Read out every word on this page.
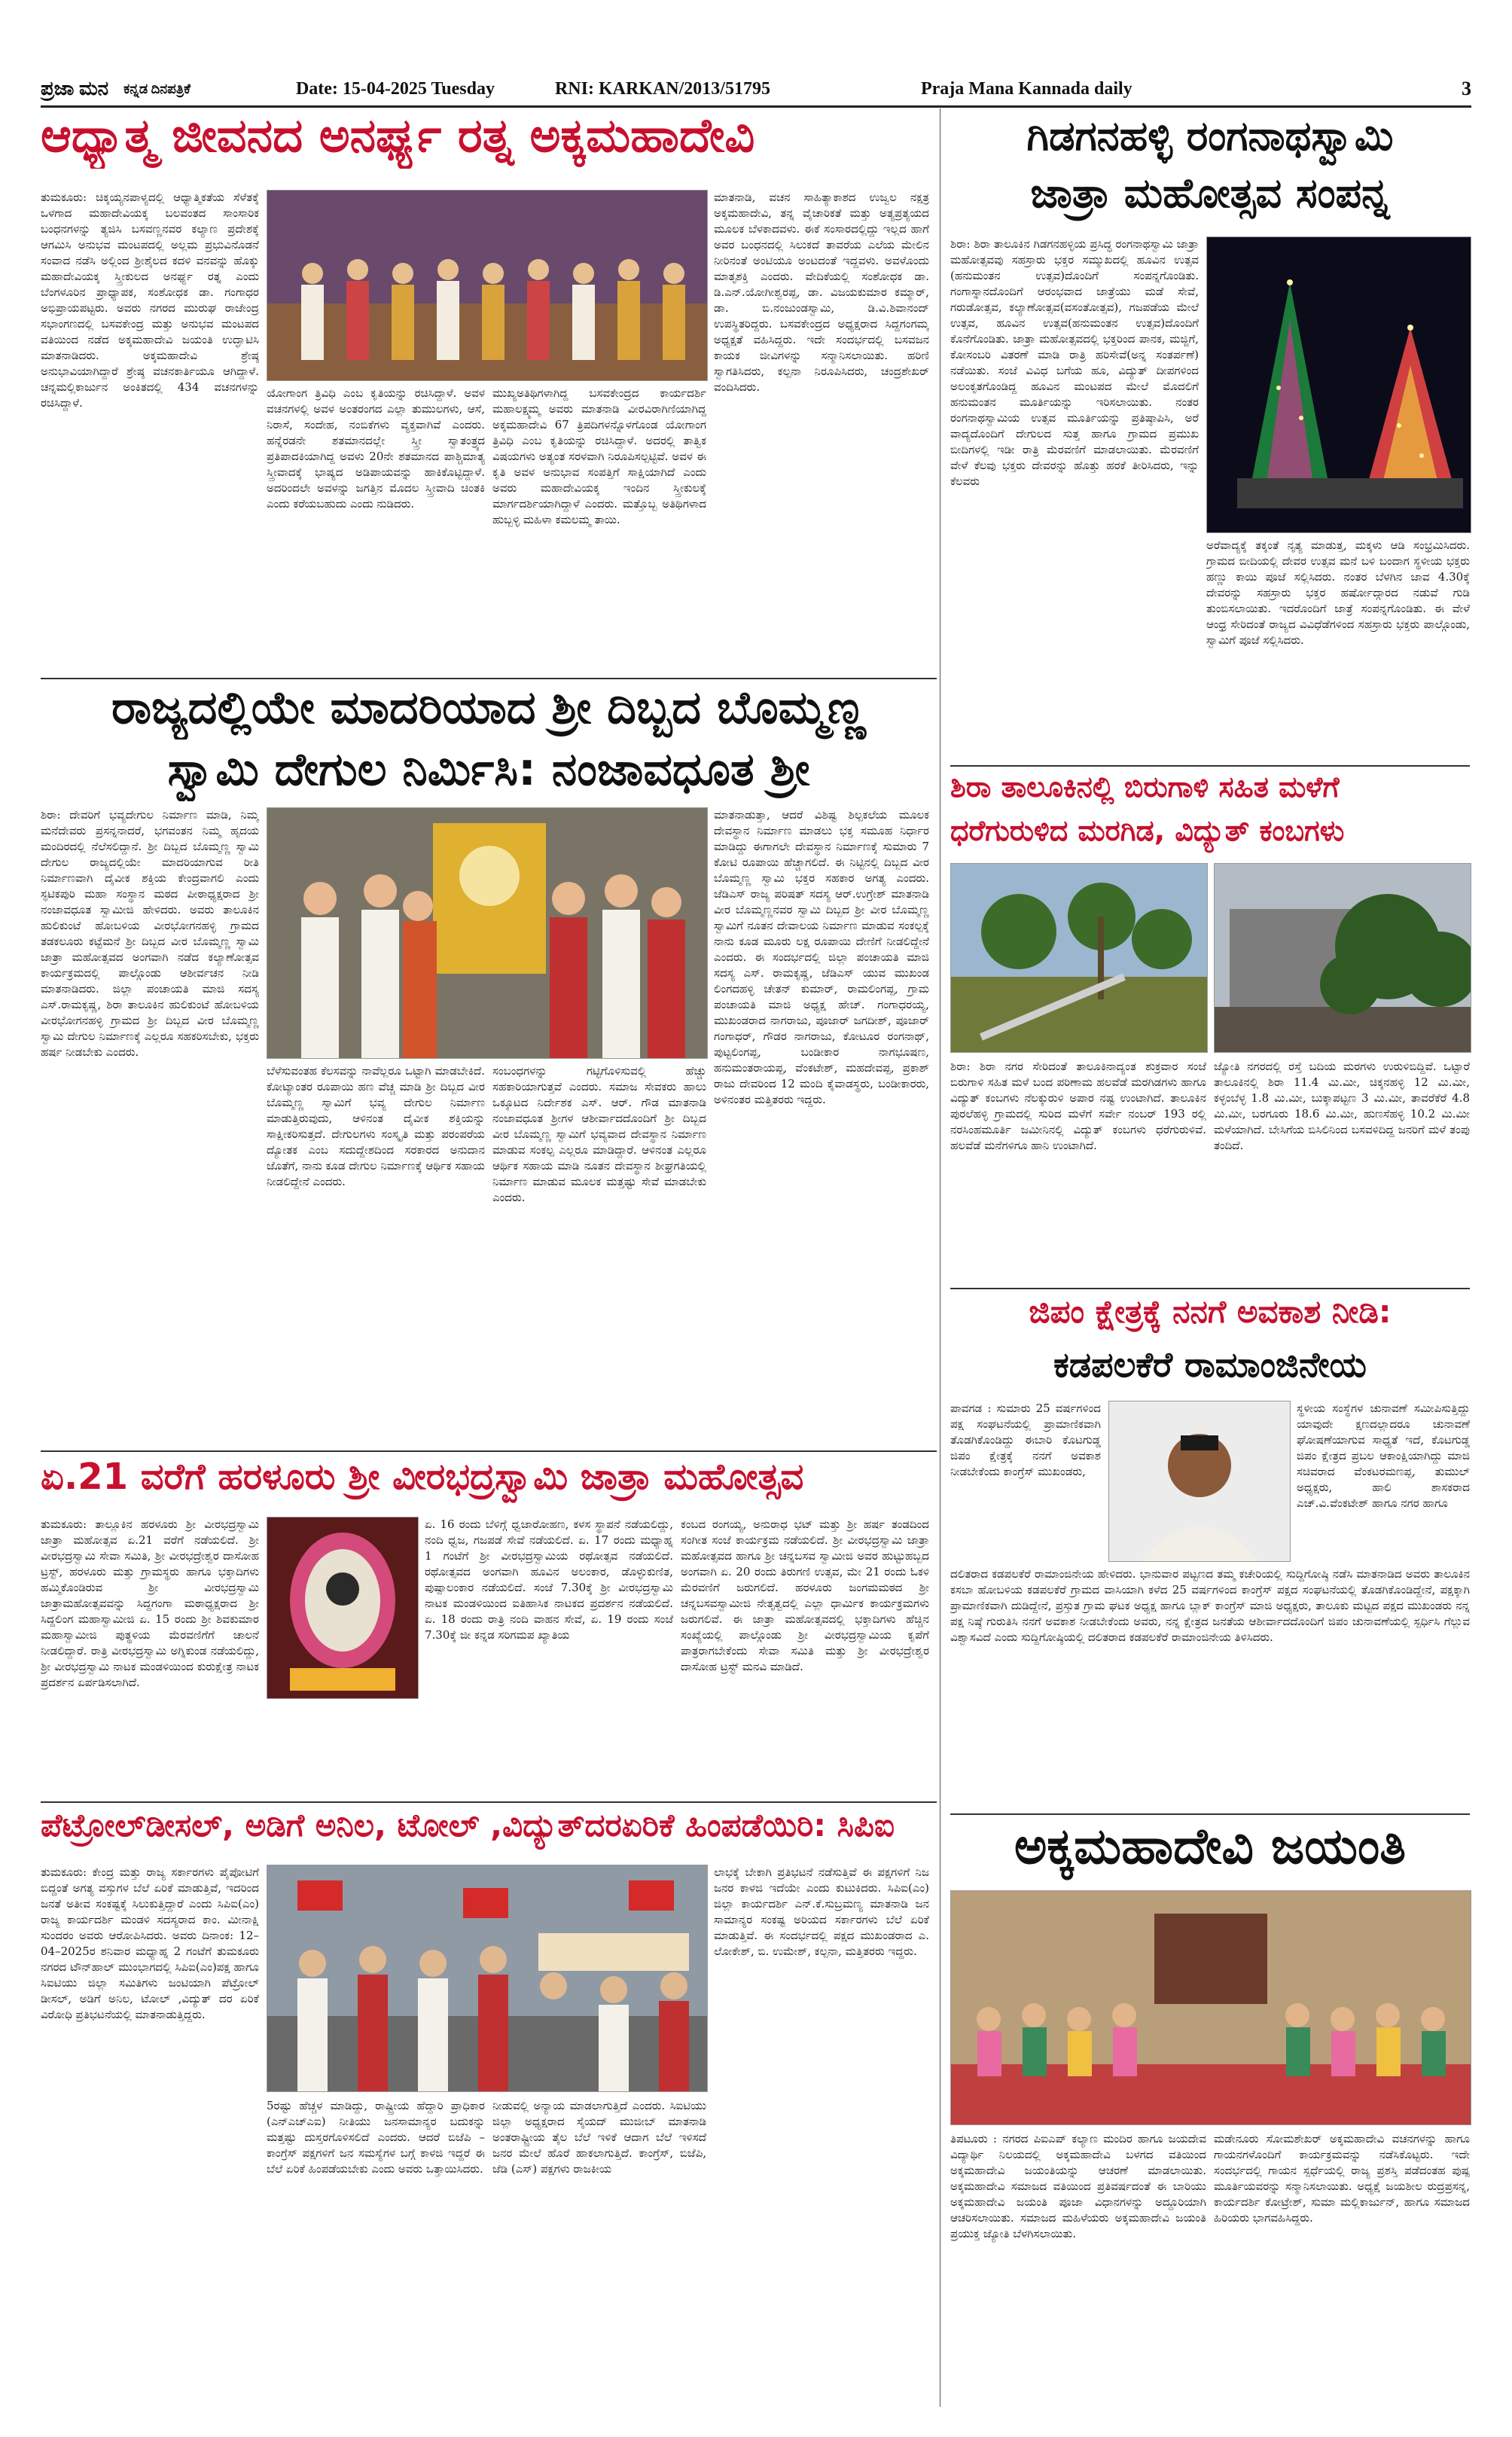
ಪ್ರಜಾ ಮನ ಕನ್ನಡ ದಿನಪತ್ರಿಕೆ	Date: 15-04-2025 Tuesday	RNI: KARKAN/2013/51795	Praja Mana Kannada daily	3
ಆಧ್ಯಾತ್ಮ ಜೀವನದ ಅನರ್ಘ್ಯ ರತ್ನ ಅಕ್ಕಮಹಾದೇವಿ
ತುಮಕೂರು: ಚಿಕ್ಕಯ್ಯನಪಾಳ್ಯದಲ್ಲಿ ಆಧ್ಯಾತ್ಮಿಕತೆಯ ಸೆಳೆತಕ್ಕೆ ಒಳಗಾದ ಮಹಾದೇವಿಯಕ್ಕ ಬಲವಂತದ ಸಾಂಸಾರಿಕ ಬಂಧನಗಳನ್ನು ತ್ಯಜಿಸಿ ಬಸವಣ್ಣನವರ ಕಲ್ಯಾಣ ಪ್ರದೇಶಕ್ಕೆ ಆಗಮಿಸಿ ಅನುಭವ ಮಂಟಪದಲ್ಲಿ ಅಲ್ಲಮ ಪ್ರಭುವಿನೊಡನೆ ಸಂವಾದ ನಡೆಸಿ ಅಲ್ಲಿಂದ ಶ್ರೀಶೈಲದ ಕದಳಿ ವನವನ್ನು ಹೊಕ್ಕು ಮಹಾದೇವಿಯಕ್ಕ ಸ್ತ್ರೀಕುಲದ ಅನರ್ಘ್ಯ ರತ್ನ ಎಂದು ಬೆಂಗಳೂರಿನ ಪ್ರಾಧ್ಯಾಪಕ, ಸಂಶೋಧಕ ಡಾ. ಗಂಗಾಧರ ಅಭಿಪ್ರಾಯಪಟ್ಟರು. ಅವರು ನಗರದ ಮುರುಘ ರಾಜೇಂದ್ರ ಸಭಾಂಗಣದಲ್ಲಿ ಬಸವಕೇಂದ್ರ ಮತ್ತು ಅನುಭವ ಮಂಟಪದ ವತಿಯಿಂದ ನಡೆದ ಅಕ್ಕಮಹಾದೇವಿ ಜಯಂತಿ ಉದ್ಘಾಟಿಸಿ ಮಾತನಾಡಿದರು. ಅಕ್ಕಮಹಾದೇವಿ ಶ್ರೇಷ್ಠ ಅನುಭಾವಿಯಾಗಿದ್ದಾರೆ ಶ್ರೇಷ್ಠ ವಚನಕಾರ್ತಿಯೂ ಆಗಿದ್ದಾಳೆ. ಚನ್ನಮಲ್ಲಿಕಾರ್ಜುನ ಅಂಕಿತದಲ್ಲಿ 434 ವಚನಗಳನ್ನು ರಚಿಸಿದ್ದಾಳೆ.
ಯೋಗಾಂಗ ತ್ರಿವಿಧಿ ಎಂಬ ಕೃತಿಯನ್ನು ರಚಿಸಿದ್ದಾಳೆ. ಅವಳ ವಚನಗಳಲ್ಲಿ ಅವಳ ಅಂತರಂಗದ ಎಲ್ಲಾ ತುಮುಲಗಳು, ಆಸೆ, ನಿರಾಸೆ, ಸಂದೇಹ, ನಂಬಿಕೆಗಳು ವ್ಯಕ್ತವಾಗಿವೆ ಎಂದರು. ಹನ್ನೆರಡನೇ ಶತಮಾನದಲ್ಲೇ ಸ್ತ್ರೀ ಸ್ವಾತಂತ್ರ್ಯದ ಪ್ರತಿಪಾದಕಿಯಾಗಿದ್ದ ಅವಳು 20ನೇ ಶತಮಾನದ ಪಾಶ್ಚಿಮಾತ್ಯ ಸ್ತ್ರೀವಾದಕ್ಕೆ ಭಾಷ್ಯದ ಅಡಿಪಾಯವನ್ನು ಹಾಕಿಕೊಟ್ಟಿದ್ದಾಳೆ. ಅದರಿಂದಲೇ ಅವಳನ್ನು ಜಗತ್ತಿನ ಮೊದಲ ಸ್ತ್ರೀವಾದಿ ಚಿಂತಕಿ ಎಂದು ಕರೆಯಬಹುದು ಎಂದು ನುಡಿದರು.
ಮುಖ್ಯಅತಿಥಿಗಳಾಗಿದ್ದ ಬಸವಕೇಂದ್ರದ ಕಾರ್ಯದರ್ಶಿ ಮಹಾಲಕ್ಷ್ಮಮ್ಮ ಅವರು ಮಾತನಾಡಿ ವೀರವಿರಾಗಿಣಿಯಾಗಿದ್ದ ಅಕ್ಕಮಹಾದೇವಿ 67 ತ್ರಿಪದಿಗಳನ್ನೊಳಗೊಂಡ ಯೋಗಾಂಗ ತ್ರಿವಿಧಿ ಎಂಬ ಕೃತಿಯನ್ನು ರಚಿಸಿದ್ದಾಳೆ. ಅದರಲ್ಲಿ ತಾತ್ವಿಕ ವಿಷಯಗಳು ಅತ್ಯಂತ ಸರಳವಾಗಿ ನಿರೂಪಿಸಲ್ಪಟ್ಟಿವೆ. ಅವಳ ಈ ಕೃತಿ ಅವಳ ಅನುಭಾವ ಸಂಪತ್ತಿಗೆ ಸಾಕ್ಷಿಯಾಗಿದೆ ಎಂದು ಅವರು ಮಹಾದೇವಿಯಕ್ಕ ಇಂದಿನ ಸ್ತ್ರೀಕುಲಕ್ಕೆ ಮಾರ್ಗದರ್ಶಿಯಾಗಿದ್ದಾಳೆ ಎಂದರು. ಮತ್ತೊಬ್ಬ ಅತಿಥಿಗಳಾದ ಹುಬ್ಬಳ್ಳಿ ಮಹಿಳಾ ಕಮಲಮ್ಮ ತಾಯಿ.
ಮಾತನಾಡಿ, ವಚನ ಸಾಹಿತ್ಯಾಕಾಶದ ಉಜ್ವಲ ನಕ್ಷತ್ರ ಅಕ್ಕಮಹಾದೇವಿ, ತನ್ನ ವೈಚಾರಿಕತೆ ಮತ್ತು ಅತ್ಯಪ್ರತ್ಯಯದ ಮೂಲಕ ಬೆಳಕಾದವಳು. ಈಕೆ ಸಂಸಾರದಲ್ಲಿದ್ದು ಇಲ್ಲದ ಹಾಗೆ ಅವರ ಬಂಧನದಲ್ಲಿ ಸಿಲುಕದೆ ತಾವರೆಯ ಎಲೆಯ ಮೇಲಿನ ನೀರಿನಂತೆ ಅಂಟಿಯೂ ಅಂಟದಂತೆ ಇದ್ದವಳು. ಅವಳೊಂದು ಮಾತೃಶಕ್ತಿ ಎಂದರು. ವೇದಿಕೆಯಲ್ಲಿ ಸಂಶೋಧಕ ಡಾ. ಡಿ.ಎನ್.ಯೋಗೀಶ್ವರಪ್ಪ, ಡಾ. ವಿಜಯಕುಮಾರ ಕಮ್ಮಾರ್, ಡಾ. ಬಿ.ನಂಜುಂಡಸ್ವಾಮಿ, ಡಿ.ವಿ.ಶಿವಾನಂದ್ ಉಪಸ್ಥಿತರಿದ್ದರು. ಬಸವಕೇಂದ್ರದ ಅಧ್ಯಕ್ಷರಾದ ಸಿದ್ದಗಂಗಮ್ಮ ಅಧ್ಯಕ್ಷತೆ ವಹಿಸಿದ್ದರು. ಇದೇ ಸಂದರ್ಭದಲ್ಲಿ ಬಸವಜನ ಕಾಯಕ ಜೀವಿಗಳನ್ನು ಸನ್ಮಾನಿಸಲಾಯಿತು. ಹರಿಣಿ ಸ್ವಾಗತಿಸಿದರು, ಕಲ್ಪನಾ ನಿರೂಪಿಸಿದರು, ಚಂದ್ರಶೇಖರ್ ವಂದಿಸಿದರು.
ಗಿಡಗನಹಳ್ಳಿ ರಂಗನಾಥಸ್ವಾಮಿ
ಜಾತ್ರಾ ಮಹೋತ್ಸವ ಸಂಪನ್ನ
ಶಿರಾ: ಶಿರಾ ತಾಲೂಕಿನ ಗಿಡಗನಹಳ್ಳಿಯ ಪ್ರಸಿದ್ಧ ರಂಗನಾಥಸ್ವಾಮಿ ಜಾತ್ರಾ ಮಹೋತ್ಸವವು ಸಹಸ್ರಾರು ಭಕ್ತರ ಸಮ್ಮುಖದಲ್ಲಿ ಹೂವಿನ ಉತ್ಸವ (ಹನುಮಂತನ ಉತ್ಸವ)ದೊಂದಿಗೆ ಸಂಪನ್ನಗೊಂಡಿತು. ಗಂಗಾಸ್ನಾನದೊಂದಿಗೆ ಆರಂಭವಾದ ಜಾತ್ರೆಯು ಮಡೆ ಸೇವೆ, ಗರುಡೋತ್ಸವ, ಕಲ್ಯಾಣೋತ್ಸವ(ವಸಂತೋತ್ಸವ), ಗಜಪಡೆಯ ಮೇಲೆ ಉತ್ಸವ, ಹೂವಿನ ಉತ್ಸವ(ಹನುಮಂತನ ಉತ್ಸವ)ದೊಂದಿಗೆ ಕೊನೆಗೊಂಡಿತು. ಜಾತ್ರಾ ಮಹೋತ್ಸವದಲ್ಲಿ ಭಕ್ತರಿಂದ ಪಾನಕ, ಮಜ್ಜಿಗೆ, ಕೋಸಂಬರಿ ವಿತರಣೆ ಮಾಡಿ ರಾತ್ರಿ ಹರಿಸೇವೆ(ಅನ್ನ ಸಂತರ್ಪಣೆ) ನಡೆಯಿತು. ಸಂಜೆ ವಿವಿಧ ಬಗೆಯ ಹೂ, ವಿದ್ಯುತ್ ದೀಪಗಳಿಂದ ಅಲಂಕೃತಗೊಂಡಿದ್ದ ಹೂವಿನ ಮಂಟಪದ ಮೇಲೆ ಮೊದಲಿಗೆ ಹನುಮಂತನ ಮೂರ್ತಿಯನ್ನು ಇರಿಸಲಾಯಿತು. ನಂತರ ರಂಗನಾಥಸ್ವಾಮಿಯ ಉತ್ಸವ ಮೂರ್ತಿಯನ್ನು ಪ್ರತಿಷ್ಠಾಪಿಸಿ, ಅರೆ ವಾದ್ಯದೊಂದಿಗೆ ದೇಗುಲದ ಸುತ್ತ ಹಾಗೂ ಗ್ರಾಮದ ಪ್ರಮುಖ ಬೀದಿಗಳಲ್ಲಿ ಇಡೀ ರಾತ್ರಿ ಮೆರವಣಿಗೆ ಮಾಡಲಾಯಿತು. ಮೆರವಣಿಗೆ ವೇಳೆ ಕೆಲವು ಭಕ್ತರು ದೇವರನ್ನು ಹೊತ್ತು ಹರಕೆ ತೀರಿಸಿದರು, ಇನ್ನು ಕೆಲವರು
ಅರೆವಾದ್ಯಕ್ಕೆ ತಕ್ಕಂತೆ ನೃತ್ಯ ಮಾಡುತ್ತ, ಮಕ್ಕಳು ಆಡಿ ಸಂಭ್ರಮಿಸಿದರು. ಗ್ರಾಮದ ಬೀದಿಯಲ್ಲಿ ದೇವರ ಉತ್ಸವ ಮನೆ ಬಳಿ ಬಂದಾಗ ಸ್ಥಳೀಯ ಭಕ್ತರು ಹಣ್ಣು ಕಾಯಿ ಪೂಜೆ ಸಲ್ಲಿಸಿದರು. ನಂತರ ಬೆಳಗಿನ ಜಾವ 4.30ಕ್ಕೆ ದೇವರನ್ನು ಸಹಸ್ರಾರು ಭಕ್ತರ ಹರ್ಷೋದ್ಗಾರದ ನಡುವೆ ಗುಡಿ ತುಂಬಿಸಲಾಯಿತು. ಇದರೊಂದಿಗೆ ಜಾತ್ರೆ ಸಂಪನ್ನಗೊಂಡಿತು. ಈ ವೇಳೆ ಆಂಧ್ರ ಸೇರಿದಂತೆ ರಾಜ್ಯದ ವಿವಿಧೆಡೆಗಳಿಂದ ಸಹಸ್ರಾರು ಭಕ್ತರು ಪಾಲ್ಗೊಂಡು, ಸ್ವಾಮಿಗೆ ಪೂಜೆ ಸಲ್ಲಿಸಿದರು.
ರಾಜ್ಯದಲ್ಲಿಯೇ ಮಾದರಿಯಾದ ಶ್ರೀ ದಿಬ್ಬದ ಬೊಮ್ಮಣ್ಣ
ಸ್ವಾಮಿ ದೇಗುಲ ನಿರ್ಮಿಸಿ: ನಂಜಾವಧೂತ ಶ್ರೀ
ಶಿರಾ: ದೇವರಿಗೆ ಭವ್ಯದೇಗುಲ ನಿರ್ಮಾಣ ಮಾಡಿ, ನಿಮ್ಮ ಮನೆದೇವರು ಪ್ರಸನ್ನನಾದರೆ, ಭಗವಂತನ ನಿಮ್ಮ ಹೃದಯ ಮಂದಿರದಲ್ಲಿ ನೆಲೆಸಲಿದ್ದಾನೆ. ಶ್ರೀ ದಿಬ್ಬದ ಬೊಮ್ಮಣ್ಣ ಸ್ವಾಮಿ ದೇಗುಲ ರಾಜ್ಯದಲ್ಲಿಯೇ ಮಾದರಿಯಾಗುವ ರೀತಿ ನಿರ್ಮಾಣವಾಗಿ ದೈವೀಕ ಶಕ್ತಿಯ ಕೇಂದ್ರವಾಗಲಿ ಎಂದು ಸ್ಫಟಿಕಪುರಿ ಮಹಾ ಸಂಸ್ಥಾನ ಮಠದ ಪೀಠಾಧ್ಯಕ್ಷರಾದ ಶ್ರೀ ನಂಜಾವಧೂತ ಸ್ವಾಮೀಜಿ ಹೇಳಿದರು. ಅವರು ತಾಲೂಕಿನ ಹುಲಿಕುಂಟೆ ಹೋಬಳಿಯ ವೀರಭೋಗನಹಳ್ಳಿ ಗ್ರಾಮದ ತಡಕಲೂರು ಕಟ್ಟೆಮನೆ ಶ್ರೀ ದಿಬ್ಬದ ವೀರ ಬೊಮ್ಮಣ್ಣ ಸ್ವಾಮಿ ಜಾತ್ರಾ ಮಹೋತ್ಸವದ ಅಂಗವಾಗಿ ನಡೆದ ಕಲ್ಯಾಣೋತ್ಸವ ಕಾರ್ಯಕ್ರಮದಲ್ಲಿ ಪಾಲ್ಗೊಂಡು ಆಶೀರ್ವಚನ ನೀಡಿ ಮಾತನಾಡಿದರು. ಜಿಲ್ಲಾ ಪಂಚಾಯತಿ ಮಾಜಿ ಸದಸ್ಯ ಎಸ್.ರಾಮಕೃಷ್ಣ, ಶಿರಾ ತಾಲೂಕಿನ ಹುಲಿಕುಂಟೆ ಹೋಬಳಿಯ ವೀರಭೋಗನಹಳ್ಳಿ ಗ್ರಾಮದ ಶ್ರೀ ದಿಬ್ಬದ ವೀರ ಬೊಮ್ಮಣ್ಣ ಸ್ವಾಮಿ ದೇಗುಲ ನಿರ್ಮಾಣಕ್ಕೆ ಎಲ್ಲರೂ ಸಹಕರಿಸಬೇಕು, ಭಕ್ತರು ಹರ್ಷ ನೀಡಬೇಕು ಎಂದರು.
ಬೆಳೆಸುವಂತಹ ಕೆಲಸವನ್ನು ನಾವೆಲ್ಲರೂ ಒಟ್ಟಾಗಿ ಮಾಡಬೇಕಿದೆ. ಕೋಟ್ಯಾಂತರ ರೂಪಾಯಿ ಹಣ ವೆಚ್ಚ ಮಾಡಿ ಶ್ರೀ ದಿಬ್ಬದ ವೀರ ಬೊಮ್ಮಣ್ಣ ಸ್ವಾಮಿಗೆ ಭವ್ಯ ದೇಗುಲ ನಿರ್ಮಾಣ ಮಾಡುತ್ತಿರುವುದು, ಆಳಿನಂತ ದೈವೀಕ ಶಕ್ತಿಯನ್ನು ಸಾಕ್ಷೀಕರಿಸುತ್ತದೆ. ದೇಗುಲಗಳು ಸಂಸ್ಕೃತಿ ಮತ್ತು ಪರಂಪರೆಯ ದ್ಯೋತಕ ಎಂಬ ಸದುದ್ದೇಶದಿಂದ ಸರಕಾರದ ಅನುದಾನ ಜೊತೆಗೆ, ನಾನು ಕೂಡ ದೇಗುಲ ನಿರ್ಮಾಣಕ್ಕೆ ಆರ್ಥಿಕ ಸಹಾಯ ನೀಡಲಿದ್ದೇನೆ ಎಂದರು.
ಸಂಬಂಧಗಳನ್ನು ಗಟ್ಟಿಗೊಳಿಸುವಲ್ಲಿ ಹೆಚ್ಚು ಸಹಕಾರಿಯಾಗುತ್ತವೆ ಎಂದರು. ಸಮಾಜ ಸೇವಕರು ಹಾಲು ಒಕ್ಕೂಟದ ನಿರ್ದೇಶಕ ಎಸ್. ಆರ್. ಗೌಡ ಮಾತನಾಡಿ ನಂಜಾವಧೂತ ಶ್ರೀಗಳ ಆಶೀರ್ವಾದದೊಂದಿಗೆ ಶ್ರೀ ದಿಬ್ಬದ ವೀರ ಬೊಮ್ಮಣ್ಣ ಸ್ವಾಮಿಗೆ ಭವ್ಯವಾದ ದೇವಸ್ಥಾನ ನಿರ್ಮಾಣ ಮಾಡುವ ಸಂಕಲ್ಪ ಎಲ್ಲರೂ ಮಾಡಿದ್ದಾರೆ. ಆಳಿನಂತ ಎಲ್ಲರೂ ಆರ್ಥಿಕ ಸಹಾಯ ಮಾಡಿ ನೂತನ ದೇವಸ್ಥಾನ ಶೀಘ್ರಗತಿಯಲ್ಲಿ ನಿರ್ಮಾಣ ಮಾಡುವ ಮೂಲಕ ಮತ್ತಷ್ಟು ಸೇವೆ ಮಾಡಬೇಕು ಎಂದರು.
ಮಾತನಾಡುತ್ತಾ, ಆದರೆ ವಿಶಿಷ್ಟ ಶಿಲ್ಪಕಲೆಯ ಮೂಲಕ ದೇವಸ್ಥಾನ ನಿರ್ಮಾಣ ಮಾಡಲು ಭಕ್ತ ಸಮೂಹ ನಿರ್ಧಾರ ಮಾಡಿದ್ದು ಈಗಾಗಲೇ ದೇವಸ್ಥಾನ ನಿರ್ಮಾಣಕ್ಕೆ ಸುಮಾರು 7 ಕೋಟಿ ರೂಪಾಯಿ ಹೆಚ್ಚಾಗಲಿದೆ. ಈ ನಿಟ್ಟಿನಲ್ಲಿ ದಿಬ್ಬದ ವೀರ ಬೊಮ್ಮಣ್ಣ ಸ್ವಾಮಿ ಭಕ್ತರ ಸಹಕಾರ ಅಗತ್ಯ ಎಂದರು. ಜೆಡಿಎಸ್ ರಾಜ್ಯ ಪರಿಷತ್ ಸದಸ್ಯ ಆರ್.ಉಗ್ರೇಶ್ ಮಾತನಾಡಿ ವೀರ ಬೊಮ್ಮಣ್ಣನವರ ಸ್ವಾಮಿ ದಿಬ್ಬದ ಶ್ರೀ ವೀರ ಬೊಮ್ಮಣ್ಣ ಸ್ವಾಮಿಗೆ ನೂತನ ದೇವಾಲಯ ನಿರ್ಮಾಣ ಮಾಡುವ ಸಂಕಲ್ಪಕ್ಕೆ ನಾನು ಕೂಡ ಮೂರು ಲಕ್ಷ ರೂಪಾಯಿ ದೇಣಿಗೆ ನೀಡಲಿದ್ದೇನೆ ಎಂದರು. ಈ ಸಂದರ್ಭದಲ್ಲಿ ಜಿಲ್ಲಾ ಪಂಚಾಯತಿ ಮಾಜಿ ಸದಸ್ಯ ಎಸ್. ರಾಮಕೃಷ್ಣ, ಜೆಡಿಎಸ್ ಯುವ ಮುಖಂಡ ಲಿಂಗದಹಳ್ಳಿ ಚೇತನ್ ಕುಮಾರ್, ರಾಮಲಿಂಗಪ್ಪ, ಗ್ರಾಮ ಪಂಚಾಯತಿ ಮಾಜಿ ಅಧ್ಯಕ್ಷ ಹೇಚ್. ಗಂಗಾಧರಯ್ಯ, ಮುಖಂಡರಾದ ನಾಗರಾಜು, ಪೂಜಾರ್ ಜಗದೀಶ್, ಪೂಜಾರ್ ಗಂಗಾಧರ್, ಗೌಡರ ನಾಗರಾಜು, ಕೋಟೂರ ರಂಗನಾಥ್, ಪುಟ್ಟಲಿಂಗಪ್ಪ, ಬಂಡೀಕಾರ ನಾಗಭೂಷಣ, ಹನುಮಂತರಾಯಪ್ಪ, ವೆಂಕಟೇಶ್, ಮಹದೇವಪ್ಪ, ಪ್ರಕಾಶ್ ರಾಜು ದೇವರಿಂದ 12 ಮಂದಿ ಕೈವಾಡಸ್ಥರು, ಬಂಡೀಕಾರರು, ಅಳಿನಂತರ ಮತ್ತಿತರರು ಇದ್ದರು.
ಶಿರಾ ತಾಲೂಕಿನಲ್ಲಿ ಬಿರುಗಾಳಿ ಸಹಿತ ಮಳೆಗೆ
ಧರೆಗುರುಳಿದ ಮರಗಿಡ, ವಿದ್ಯುತ್ ಕಂಬಗಳು
ಶಿರಾ: ಶಿರಾ ನಗರ ಸೇರಿದಂತೆ ತಾಲೂಕಿನಾದ್ಯಂತ ಶುಕ್ರವಾರ ಸಂಜೆ ಬಿರುಗಾಳಿ ಸಹಿತ ಮಳೆ ಬಂದ ಪರಿಣಾಮ ಹಲವೆಡೆ ಮರಗಿಡಗಳು ಹಾಗೂ ವಿದ್ಯುತ್ ಕಂಬಗಳು ನೆಲಕ್ಕುರುಳಿ ಅಪಾರ ನಷ್ಟ ಉಂಟಾಗಿದೆ. ತಾಲೂಕಿನ ಪುರಲೆಹಳ್ಳಿ ಗ್ರಾಮದಲ್ಲಿ ಸುರಿದ ಮಳೆಗೆ ಸರ್ವೇ ನಂಬರ್ 193 ರಲ್ಲಿ ನರಸಿಂಹಮೂರ್ತಿ ಜಮೀನಿನಲ್ಲಿ ವಿದ್ಯುತ್ ಕಂಬಗಳು ಧರೆಗುರುಳಿವೆ. ಹಲವೆಡೆ ಮನೆಗಳಿಗೂ ಹಾನಿ ಉಂಟಾಗಿದೆ.
ಜ್ಯೋತಿ ನಗರದಲ್ಲಿ ರಸ್ತೆ ಬದಿಯ ಮರಗಳು ಉರುಳಿಬಿದ್ದಿವೆ. ಒಟ್ಟಾರೆ ತಾಲೂಕಿನಲ್ಲಿ ಶಿರಾ 11.4 ಮಿ.ಮೀ, ಚಿಕ್ಕನಹಳ್ಳಿ 12 ಮಿ.ಮೀ, ಕಳ್ಳಂಬೆಳ್ಳ 1.8 ಮಿ.ಮೀ, ಬುಕ್ಕಾಪಟ್ಟಣ 3 ಮಿ.ಮೀ, ತಾವರೆಕೆರೆ 4.8 ಮಿ.ಮೀ, ಬರಗೂರು 18.6 ಮಿ.ಮೀ, ಹುಣಸೆಹಳ್ಳಿ 10.2 ಮಿ.ಮೀ ಮಳೆಯಾಗಿದೆ. ಬೇಸಿಗೆಯ ಬಿಸಿಲಿನಿಂದ ಬಸವಳಿದಿದ್ದ ಜನರಿಗೆ ಮಳೆ ತಂಪು ತಂದಿದೆ.
ಜಿಪಂ ಕ್ಷೇತ್ರಕ್ಕೆ ನನಗೆ ಅವಕಾಶ ನೀಡಿ:
ಕಡಪಲಕೆರೆ ರಾಮಾಂಜಿನೇಯ
ಪಾವಗಡ : ಸುಮಾರು 25 ವರ್ಷಗಳಿಂದ ಪಕ್ಷ ಸಂಘಟನೆಯಲ್ಲಿ ಪ್ರಾಮಾಣಿಕವಾಗಿ ತೊಡಗಿಕೊಂಡಿದ್ದು ಈಬಾರಿ ಕೊಟಗುಡ್ಡ ಜಿಪಂ ಕ್ಷೇತ್ರಕ್ಕೆ ನನಗೆ ಅವಕಾಶ ನೀಡಬೇಕೆಂದು ಕಾಂಗ್ರೆಸ್ ಮುಖಂಡರು,
ಸ್ಥಳೀಯ ಸಂಸ್ಥೆಗಳ ಚುನಾವಣೆ ಸಮೀಪಿಸುತ್ತಿದ್ದು ಯಾವುದೇ ಕ್ಷಣದಲ್ಲಾದರೂ ಚುನಾವಣೆ ಘೋಷಣೆಯಾಗುವ ಸಾಧ್ಯತೆ ಇದೆ, ಕೊಟಗುಡ್ಡ ಜಿಪಂ ಕ್ಷೇತ್ರದ ಪ್ರಬಲ ಆಕಾಂಕ್ಷಿಯಾಗಿದ್ದು ಮಾಜಿ ಸಚಿವರಾದ ವೆಂಕಟರಮಣಪ್ಪ, ತುಮುಲ್ ಅಧ್ಯಕ್ಷರು, ಹಾಲಿ ಶಾಸಕರಾದ ಎಚ್.ವಿ.ವೆಂಕಟೇಶ್ ಹಾಗೂ ನಗರ ಹಾಗೂ
ದಲಿತರಾದ ಕಡಪಲಕೆರೆ ರಾಮಾಂಜಿನೇಯ ಹೇಳಿದರು. ಭಾನುವಾರ ಪಟ್ಟಣದ ತಮ್ಮ ಕಚೇರಿಯಲ್ಲಿ ಸುದ್ದಿಗೋಷ್ಠಿ ನಡೆಸಿ ಮಾತನಾಡಿದ ಅವರು ತಾಲೂಕಿನ ಕಸಬಾ ಹೋಬಳಿಯ ಕಡಪಲಕೆರೆ ಗ್ರಾಮದ ವಾಸಿಯಾಗಿ ಕಳೆದ 25 ವರ್ಷಗಳಿಂದ ಕಾಂಗ್ರೆಸ್ ಪಕ್ಷದ ಸಂಘಟನೆಯಲ್ಲಿ ತೊಡಗಿಕೊಂಡಿದ್ದೇನೆ, ಪಕ್ಷಕ್ಕಾಗಿ ಪ್ರಾಮಾಣಿಕವಾಗಿ ದುಡಿದ್ದೇನೆ, ಪ್ರಸ್ತುತ ಗ್ರಾಮ ಘಟಕ ಅಧ್ಯಕ್ಷ ಹಾಗೂ ಬ್ಲಾಕ್ ಕಾಂಗ್ರೆಸ್ ಮಾಜಿ ಅಧ್ಯಕ್ಷರು, ತಾಲೂಕು ಮಟ್ಟದ ಪಕ್ಷದ ಮುಖಂಡರು ನನ್ನ ಪಕ್ಷ ನಿಷ್ಠೆ ಗುರುತಿಸಿ ನನಗೆ ಅವಕಾಶ ನೀಡಬೇಕೆಂದು ಅವರು, ನನ್ನ ಕ್ಷೇತ್ರದ ಜನತೆಯ ಆಶೀರ್ವಾದದೊಂದಿಗೆ ಜಿಪಂ ಚುನಾವಣೆಯಲ್ಲಿ ಸ್ಪರ್ಧಿಸಿ ಗೆಲ್ಲುವ ವಿಶ್ವಾಸವಿದೆ ಎಂದು ಸುದ್ದಿಗೋಷ್ಠಿಯಲ್ಲಿ ದಲಿತರಾದ ಕಡಪಲಕೆರೆ ರಾಮಾಂಜಿನೇಯ ತಿಳಿಸಿದರು.
ಏ.21 ವರೆಗೆ ಹರಳೂರು ಶ್ರೀ ವೀರಭದ್ರಸ್ವಾಮಿ ಜಾತ್ರಾ ಮಹೋತ್ಸವ
ತುಮಕೂರು: ತಾಲ್ಲೂಕಿನ ಹರಳೂರು ಶ್ರೀ ವೀರಭದ್ರಸ್ವಾಮಿ ಜಾತ್ರಾ ಮಹೋತ್ಸವ ಏ.21 ವರೆಗೆ ನಡೆಯಲಿದೆ. ಶ್ರೀ ವೀರಭದ್ರಸ್ವಾಮಿ ಸೇವಾ ಸಮಿತಿ, ಶ್ರೀ ವೀರಭದ್ರೇಶ್ವರ ದಾಸೋಹ ಟ್ರಸ್ಟ್, ಹರಳೂರು ಮತ್ತು ಗ್ರಾಮಸ್ಥರು ಹಾಗೂ ಭಕ್ತಾದಿಗಳು ಹಮ್ಮಿಕೊಂಡಿರುವ ಶ್ರೀ ವೀರಭದ್ರಸ್ವಾಮಿ ಜಾತ್ರಾಮಹೋತ್ಸವವನ್ನು ಸಿದ್ದಗಂಗಾ ಮಠಾಧ್ಯಕ್ಷರಾದ ಶ್ರೀ ಸಿದ್ದಲಿಂಗ ಮಹಾಸ್ವಾಮೀಜಿ ಏ. 15 ರಂದು ಶ್ರೀ ಶಿವಕುಮಾರ ಮಹಾಸ್ವಾಮೀಜಿ ಪುತ್ಥಳಿಯ ಮೆರವಣಿಗೆಗೆ ಚಾಲನೆ ನೀಡಲಿದ್ದಾರೆ. ರಾತ್ರಿ ವೀರಭದ್ರಸ್ವಾಮಿ ಅಗ್ನಿಕುಂಡ ನಡೆಯಲಿದ್ದು, ಶ್ರೀ ವೀರಭದ್ರಸ್ವಾಮಿ ನಾಟಕ ಮಂಡಳಿಯಿಂದ ಕುರುಕ್ಷೇತ್ರ ನಾಟಕ ಪ್ರದರ್ಶನ ಏರ್ಪಡಿಸಲಾಗಿದೆ.
ಏ. 16 ರಂದು ಬೆಳಿಗ್ಗೆ ಧ್ವಜಾರೋಹಣ, ಕಳಸ ಸ್ಥಾಪನೆ ನಡೆಯಲಿದ್ದು, ನಂದಿ ಧ್ವಜ, ಗಜಪಡೆ ಸೇವೆ ನಡೆಯಲಿದೆ. ಏ. 17 ರಂದು ಮಧ್ಯಾಹ್ನ 1 ಗಂಟೆಗೆ ಶ್ರೀ ವೀರಭದ್ರಸ್ವಾಮಿಯ ರಥೋತ್ಸವ ನಡೆಯಲಿದೆ. ರಥೋತ್ಸವದ ಅಂಗವಾಗಿ ಹೂವಿನ ಅಲಂಕಾರ, ಡೊಳ್ಳುಕುಣಿತ, ಪುಷ್ಪಾಲಂಕಾರ ನಡೆಯಲಿದೆ. ಸಂಜೆ 7.30ಕ್ಕೆ ಶ್ರೀ ವೀರಭದ್ರಸ್ವಾಮಿ ನಾಟಕ ಮಂಡಳಿಯಿಂದ ಐತಿಹಾಸಿಕ ನಾಟಕದ ಪ್ರದರ್ಶನ ನಡೆಯಲಿದೆ. ಏ. 18 ರಂದು ರಾತ್ರಿ ನಂದಿ ವಾಹನ ಸೇವೆ, ಏ. 19 ರಂದು ಸಂಜೆ 7.30ಕ್ಕೆ ಜೀ ಕನ್ನಡ ಸರಿಗಮಪ ಖ್ಯಾತಿಯ
ಕಂಬದ ರಂಗಯ್ಯ, ಅನುರಾಧ ಭಟ್ ಮತ್ತು ಶ್ರೀ ಹರ್ಷ ತಂಡದಿಂದ ಸಂಗೀತ ಸಂಜೆ ಕಾರ್ಯಕ್ರಮ ನಡೆಯಲಿದೆ. ಶ್ರೀ ವೀರಭದ್ರಸ್ವಾಮಿ ಜಾತ್ರಾ ಮಹೋತ್ಸವದ ಹಾಗೂ ಶ್ರೀ ಚನ್ನಬಸವ ಸ್ವಾಮೀಜಿ ಅವರ ಹುಟ್ಟುಹಬ್ಬದ ಅಂಗವಾಗಿ ಏ. 20 ರಂದು ತಿರುಗಣಿ ಉತ್ಸವ, ಮೇ 21 ರಂದು ಓಕಳಿ ಮೆರವಣಿಗೆ ಜರುಗಲಿದೆ. ಹರಳೂರು ಜಂಗಮಮಠದ ಶ್ರೀ ಚನ್ನಬಸವಸ್ವಾಮೀಜಿ ನೇತೃತ್ವದಲ್ಲಿ ಎಲ್ಲಾ ಧಾರ್ಮಿಕ ಕಾರ್ಯಕ್ರಮಗಳು ಜರುಗಲಿವೆ. ಈ ಜಾತ್ರಾ ಮಹೋತ್ಸವದಲ್ಲಿ ಭಕ್ತಾದಿಗಳು ಹೆಚ್ಚಿನ ಸಂಖ್ಯೆಯಲ್ಲಿ ಪಾಲ್ಗೊಂಡು ಶ್ರೀ ವೀರಭದ್ರಸ್ವಾಮಿಯ ಕೃಪೆಗೆ ಪಾತ್ರರಾಗಬೇಕೆಂದು ಸೇವಾ ಸಮಿತಿ ಮತ್ತು ಶ್ರೀ ವೀರಭದ್ರೇಶ್ವರ ದಾಸೋಹ ಟ್ರಸ್ಟ್ ಮನವಿ ಮಾಡಿದೆ.
ಅಕ್ಕಮಹಾದೇವಿ ಜಯಂತಿ
ತಿಪಟೂರು : ನಗರದ ಪಿಐಎಪ್ ಕಲ್ಯಾಣ ಮಂದಿರ ಹಾಗೂ ಜಯದೇವ ವಿದ್ಯಾರ್ಥಿ ನಿಲಯದಲ್ಲಿ ಅಕ್ಕಮಹಾದೇವಿ ಬಳಗದ ವತಿಯಿಂದ ಅಕ್ಕಮಹಾದೇವಿ ಜಯಂತಿಯನ್ನು ಆಚರಣೆ ಮಾಡಲಾಯಿತು. ಅಕ್ಕಮಹಾದೇವಿ ಸಮಾಜದ ವತಿಯಿಂದ ಪ್ರತಿವರ್ಷದಂತೆ ಈ ಬಾರಿಯು ಅಕ್ಕಮಹಾದೇವಿ ಜಯಂತಿ ಪೂಜಾ ವಿಧಾನಗಳನ್ನು ಅದ್ದೂರಿಯಾಗಿ ಆಚರಿಸಲಾಯಿತು. ಸಮಾಜದ ಮಹಿಳೆಯರು ಅಕ್ಕಮಹಾದೇವಿ ಜಯಂತಿ ಪ್ರಯುಕ್ತ ಜ್ಯೋತಿ ಬೆಳಗಿಸಲಾಯಿತು.
ಮಡೇನೂರು ಸೋಮಶೇಖರ್ ಅಕ್ಕಮಹಾದೇವಿ ವಚನಗಳನ್ನು ಹಾಗೂ ಗಾಯನಗಳೊಂದಿಗೆ ಕಾರ್ಯಕ್ರಮವನ್ನು ನಡೆಸಿಕೊಟ್ಟರು. ಇದೇ ಸಂದರ್ಭದಲ್ಲಿ ಗಾಯನ ಸ್ಪರ್ಧೆಯಲ್ಲಿ ರಾಜ್ಯ ಪ್ರಶಸ್ತಿ ಪಡೆದಂತಹ ಪುಷ್ಪ ಮೂರ್ತಿಯವರನ್ನು ಸನ್ಮಾನಿಸಲಾಯಿತು. ಅಧ್ಯಕ್ಷೆ ಜಯಶೀಲ ರುದ್ರಪ್ರಸನ್ನ, ಕಾರ್ಯದರ್ಶಿ ಕೋಟ್ರೇಶ್, ಸುಮಾ ಮಲ್ಲಿಕಾರ್ಜುನ್, ಹಾಗೂ ಸಮಾಜದ ಹಿರಿಯರು ಭಾಗವಹಿಸಿದ್ದರು.
ಪೆಟ್ರೋಲ್‌ಡೀಸಲ್, ಅಡಿಗೆ ಅನಿಲ, ಟೋಲ್ ,ವಿದ್ಯುತ್‌ದರಏರಿಕೆ ಹಿಂಪಡೆಯಿರಿ: ಸಿಪಿಐ
ತುಮಕೂರು: ಕೇಂದ್ರ ಮತ್ತು ರಾಜ್ಯ ಸರ್ಕಾರಗಳು ಪೈಪೋಟಿಗೆ ಬಿದ್ದಂತೆ ಅಗತ್ಯ ವಸ್ತುಗಳ ಬೆಲೆ ಏರಿಕೆ ಮಾಡುತ್ತಿವೆ, ಇದರಿಂದ ಜನತೆ ಅತೀವ ಸಂಕಷ್ಟಕ್ಕೆ ಸಿಲುಕುತ್ತಿದ್ದಾರೆ ಎಂದು ಸಿಪಿಐ(ಎಂ) ರಾಜ್ಯ ಕಾರ್ಯದರ್ಶಿ ಮಂಡಳಿ ಸದಸ್ಯರಾದ ಕಾಂ. ಮೀನಾಕ್ಷಿ ಸುಂದರಂ ಅವರು ಆರೋಪಿಸಿದರು. ಅವರು ದಿನಾಂಕ: 12–04–2025ರ ಶನಿವಾರ ಮಧ್ಯಾಹ್ನ 2 ಗಂಟೆಗೆ ತುಮಕೂರು ನಗರದ ಟೌನ್‌ಹಾಲ್ ಮುಂಭಾಗದಲ್ಲಿ ಸಿಪಿಐ(ಎಂ)ಪಕ್ಷ ಹಾಗೂ ಸಿಐಟಿಯು ಜಿಲ್ಲಾ ಸಮಿತಿಗಳು ಜಂಟಿಯಾಗಿ ಪೆಟ್ರೋಲ್ ಡೀಸಲ್, ಅಡಿಗೆ ಅನಿಲ, ಟೋಲ್ ,ವಿದ್ಯುತ್ ದರ ಏರಿಕೆ ವಿರೋಧಿ ಪ್ರತಿಭಟನೆಯಲ್ಲಿ ಮಾತನಾಡುತ್ತಿದ್ದರು.
5ರಷ್ಟು ಹೆಚ್ಚಳ ಮಾಡಿದ್ದು, ರಾಷ್ಟ್ರೀಯ ಹೆದ್ದಾರಿ ಪ್ರಾಧಿಕಾರ (ಎನ್‌ಎಚ್‌ಎಐ) ನೀತಿಯು ಜನಸಾಮಾನ್ಯರ ಬದುಕನ್ನು ಮತ್ತಷ್ಟು ದುಸ್ತರಗೊಳಿಸಲಿದೆ ಎಂದರು. ಆದರೆ ಬಿಜೆಪಿ – ಕಾಂಗ್ರೆಸ್ ಪಕ್ಷಗಳಿಗೆ ಜನ ಸಮಸ್ಯೆಗಳ ಬಗ್ಗೆ ಕಾಳಜಿ ಇದ್ದರೆ ಈ ಬೆಲೆ ಏರಿಕೆ ಹಿಂಪಡೆಯಬೇಕು ಎಂದು ಅವರು ಒತ್ತಾಯಿಸಿದರು.
ನೀಡುವಲ್ಲಿ ಅನ್ಯಾಯ ಮಾಡಲಾಗುತ್ತಿದೆ ಎಂದರು. ಸಿಐಟಿಯು ಜಿಲ್ಲಾ ಅಧ್ಯಕ್ಷರಾದ ಸೈಯದ್ ಮುಜೀಬ್ ಮಾತನಾಡಿ ಅಂತರಾಷ್ಟ್ರೀಯ ತೈಲ ಬೆಲೆ ಇಳಿಕೆ ಆದಾಗ ಬೆಲೆ ಇಳಿಸದೆ ಜನರ ಮೇಲೆ ಹೊರೆ ಹಾಕಲಾಗುತ್ತಿದೆ. ಕಾಂಗ್ರೆಸ್, ಬಿಜೆಪಿ, ಜೆಡಿ (ಎಸ್) ಪಕ್ಷಗಳು ರಾಜಕೀಯ
ಲಾಭಕ್ಕೆ ಬೇಕಾಗಿ ಪ್ರತಿಭಟನೆ ನಡೆಸುತ್ತಿವೆ ಈ ಪಕ್ಷಗಳಿಗೆ ನಿಜ ಜನರ ಕಾಳಜಿ ಇದೆಯೇ ಎಂದು ಕುಟುಕಿದರು. ಸಿಪಿಐ(ಎಂ) ಜಿಲ್ಲಾ ಕಾರ್ಯದರ್ಶಿ ಎನ್.ಕೆ.ಸುಬ್ರಮಣ್ಯ ಮಾತನಾಡಿ ಜನ ಸಾಮಾನ್ಯರ ಸಂಕಷ್ಟ ಅರಿಯದ ಸರ್ಕಾರಗಳು ಬೆಲೆ ಏರಿಕೆ ಮಾಡುತ್ತಿವೆ. ಈ ಸಂದರ್ಭದಲ್ಲಿ ಪಕ್ಷದ ಮುಖಂಡರಾದ ಎ. ಲೋಕೇಶ್, ಬಿ. ಉಮೇಶ್, ಕಲ್ಪನಾ, ಮತ್ತಿತರರು ಇದ್ದರು.
